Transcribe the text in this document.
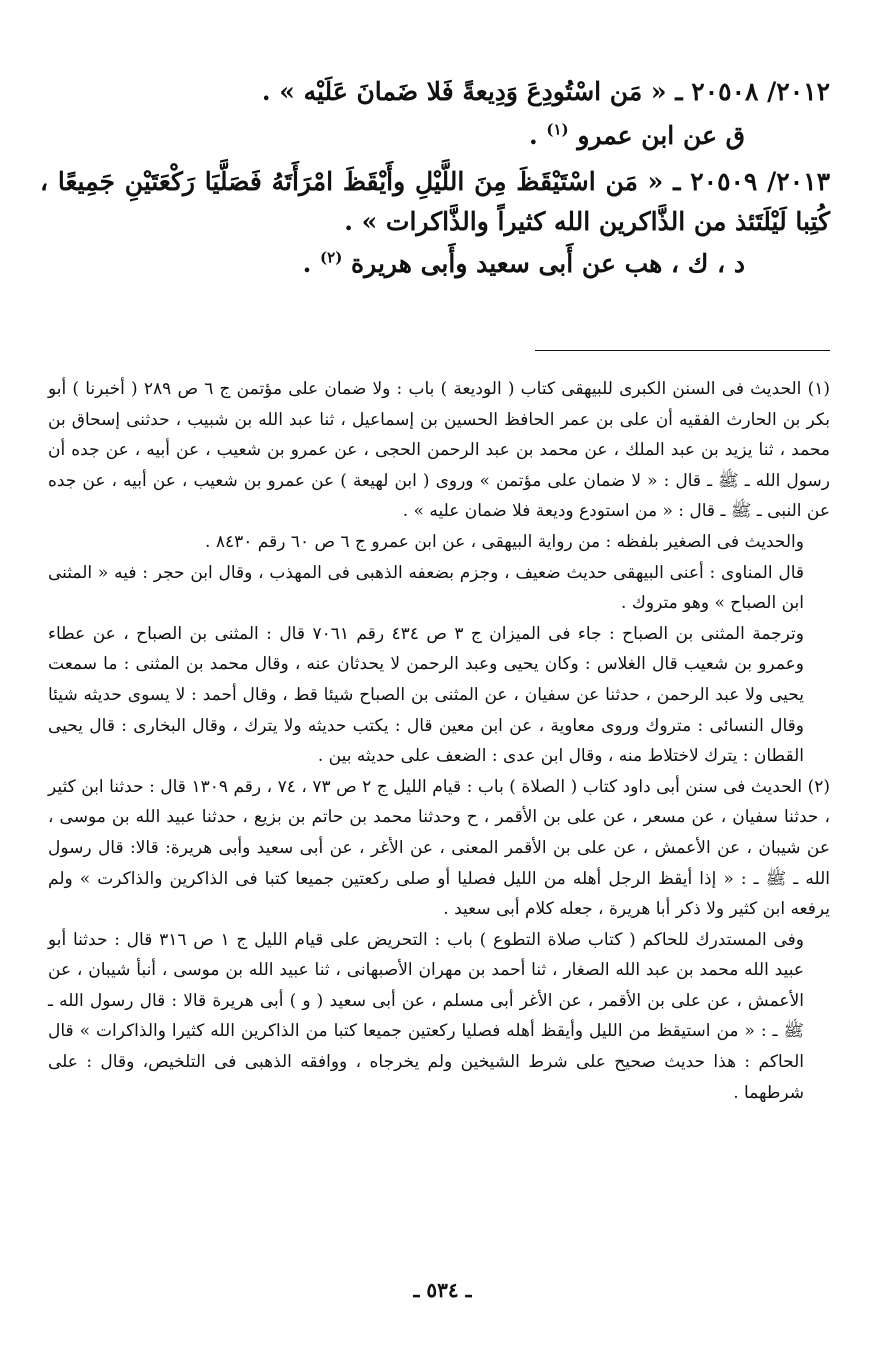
٢٠١٢/ ٢٠٥٠٨ ـ « مَن اسْتُودِعَ وَدِيعةً فَلا ضَمانَ عَلَيْه » .

ق عن ابن عمرو $^{(١)}$ .

٢٠١٣/ ٢٠٥٠٩ ـ « مَن اسْتَيْقَظَ مِنَ اللَّيْلِ وأَيْقَظَ امْرَأَتَهُ فَصَلَّيَا رَكْعَتَيْنِ جَمِيعًا ، كُتِبا لَيْلَتَئذ من الذَّاكرين الله كثيراً والذَّاكرات » .

د ، ك ، هب عن أَبى سعيد وأَبى هريرة $^{(٢)}$ .

(١) الحديث فى السنن الكبرى للبيهقى كتاب ( الوديعة ) باب : ولا ضمان على مؤتمن ج ٦ ص ٢٨٩ ( أخبرنا ) أبو بكر بن الحارث الفقيه أن على بن عمر الحافظ الحسين بن إسماعيل ، ثنا عبد الله بن شبيب ، حدثنى إسحاق بن محمد ، ثنا يزيد بن عبد الملك ، عن محمد بن عبد الرحمن الحجى ، عن عمرو بن شعيب ، عن أبيه ، عن جده أن رسول الله ـ ﷺ ـ قال : « لا ضمان على مؤتمن » وروى ( ابن لهيعة ) عن عمرو بن شعيب ، عن أبيه ، عن جده عن النبى ـ ﷺ ـ قال : « من استودع وديعة فلا ضمان عليه » .

والحديث فى الصغير بلفظه : من رواية البيهقى ، عن ابن عمرو ج ٦ ص ٦٠ رقم ٨٤٣٠ .

قال المناوى : أعنى البيهقى حديث ضعيف ، وجزم بضعفه الذهبى فى المهذب ، وقال ابن حجر : فيه « المثنى ابن الصباح » وهو متروك .

وترجمة المثنى بن الصباح : جاء فى الميزان ج ٣ ص ٤٣٤ رقم ٧٠٦١ قال : المثنى بن الصباح ، عن عطاء وعمرو بن شعيب قال الغلاس : وكان يحيى وعبد الرحمن لا يحدثان عنه ، وقال محمد بن المثنى : ما سمعت يحيى ولا عبد الرحمن ، حدثنا عن سفيان ، عن المثنى بن الصباح شيئا قط ، وقال أحمد : لا يسوى حديثه شيئا وقال النسائى : متروك وروى معاوية ، عن ابن معين قال : يكتب حديثه ولا يترك ، وقال البخارى : قال يحيى القطان : يترك لاختلاط منه ، وقال ابن عدى : الضعف على حديثه بين .

(٢) الحديث فى سنن أبى داود كتاب ( الصلاة ) باب : قيام الليل ج ٢ ص ٧٣ ، ٧٤ ، رقم ١٣٠٩ قال : حدثنا ابن كثير ، حدثنا سفيان ، عن مسعر ، عن على بن الأقمر ، ح وحدثنا محمد بن حاتم بن بزيع ، حدثنا عبيد الله بن موسى ، عن شيبان ، عن الأعمش ، عن على بن الأقمر المعنى ، عن الأغر ، عن أبى سعيد وأبى هريرة: قالا: قال رسول الله ـ ﷺ ـ : « إذا أيقظ الرجل أهله من الليل فصليا أو صلى ركعتين جميعا كتبا فى الذاكرين والذاكرت » ولم يرفعه ابن كثير ولا ذكر أبا هريرة ، جعله كلام أبى سعيد .

وفى المستدرك للحاكم ( كتاب صلاة التطوع ) باب : التحريض على قيام الليل ج ١ ص ٣١٦ قال : حدثنا أبو عبيد الله محمد بن عبد الله الصغار ، ثنا أحمد بن مهران الأصبهانى ، ثنا عبيد الله بن موسى ، أنبأ شيبان ، عن الأعمش ، عن على بن الأقمر ، عن الأغر أبى مسلم ، عن أبى سعيد ( و ) أبى هريرة قالا : قال رسول الله ـ ﷺ ـ : « من استيقظ من الليل وأيقظ أهله فصليا ركعتين جميعا كتبا من الذاكرين الله كثيرا والذاكرات » قال الحاكم : هذا حديث صحيح على شرط الشيخين ولم يخرجاه ، ووافقه الذهبى فى التلخيص، وقال : على شرطهما .

ـ ٥٣٤ ـ
